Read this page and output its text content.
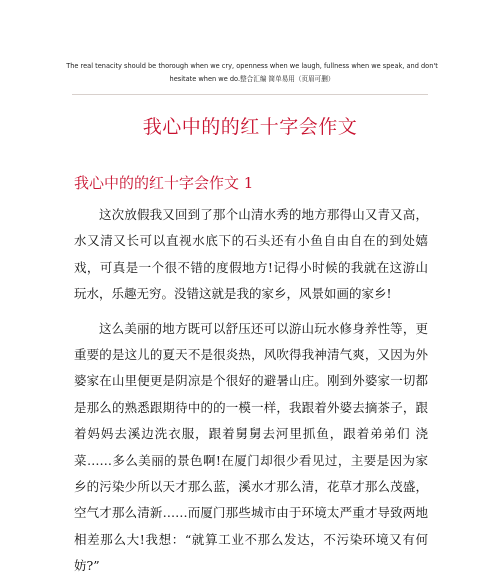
The real tenacity should be thorough when we cry, openness when we laugh, fullness when we speak, and don't
hesitate when we do.整合汇编 简单易用（页眉可删）
我心中的的红十字会作文
我心中的的红十字会作文 1

这次放假我又回到了那个山清水秀的地方那得山又青又高，水又清又长可以直视水底下的石头还有小鱼自由自在的到处嬉戏，可真是一个很不错的度假地方!记得小时候的我就在这游山玩水，乐趣无穷。没错这就是我的家乡，风景如画的家乡!

这么美丽的地方既可以舒压还可以游山玩水修身养性等，更重要的是这儿的夏天不是很炎热，风吹得我神清气爽，又因为外婆家在山里便更是阴凉是个很好的避暑山庄。刚到外婆家一切都是那么的熟悉跟期待中的的一模一样，我跟着外婆去摘茶子，跟着妈妈去溪边洗衣服，跟着舅舅去河里抓鱼，跟着弟弟们 浇菜……多么美丽的景色啊!在厦门却很少看见过，主要是因为家乡的污染少所以天才那么蓝，溪水才那么清，花草才那么茂盛，空气才那么清新……而厦门那些城市由于环境太严重才导致两地相差那么大!我想：“就算工业不那么发达，不污染环境又有何妨?”
